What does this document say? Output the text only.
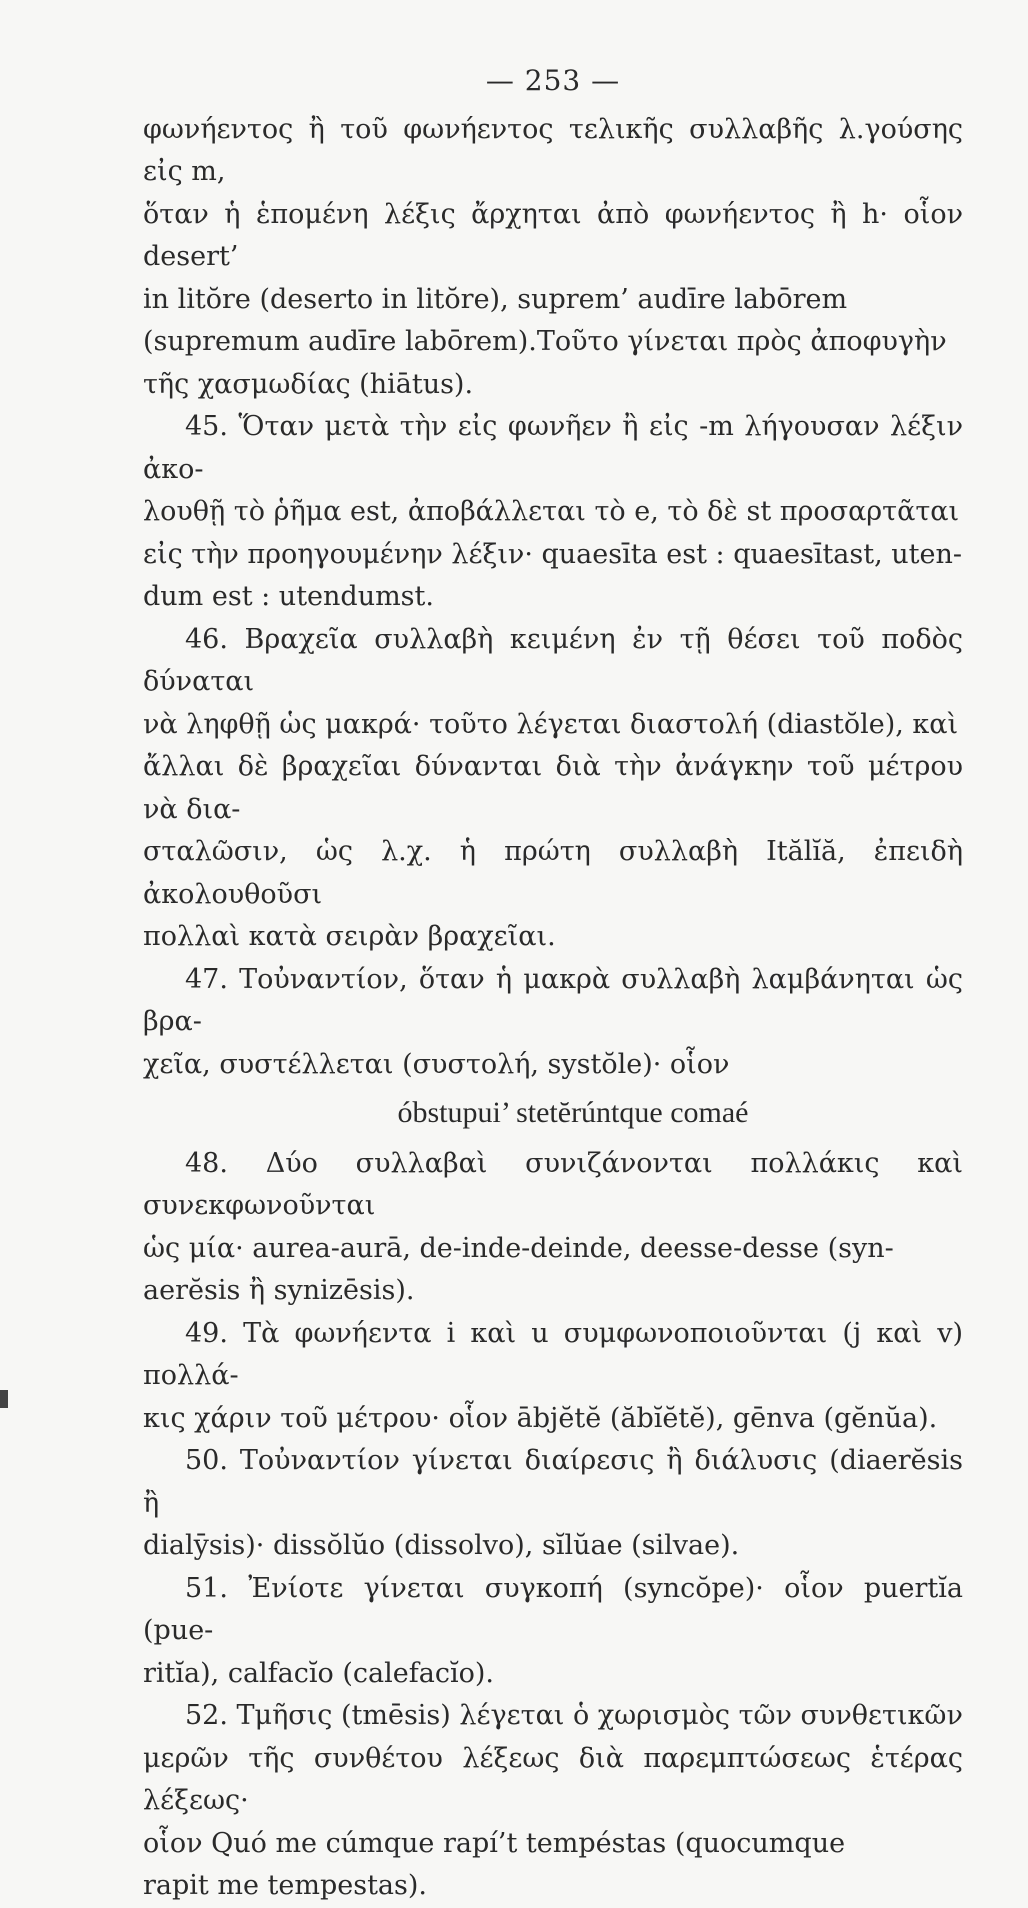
— 253 —

φωνήεντος ἢ τοῦ φωνήεντος τελικῆς συλλαβῆς λ.γούσης εἰς m,

ὅταν ἡ ἑπομένη λέξις ἄρχηται ἀπὸ φωνήεντος ἢ h· οἷον desert’

in litŏre (deserto in litŏre), suprem’ audīre labōrem

(supremum audīre labōrem).Τοῦτο γίνεται πρὸς ἀποφυγὴν

τῆς χασμωδίας (hiātus).

45. Ὅταν μετὰ τὴν εἰς φωνῆεν ἢ εἰς -m λήγουσαν λέξιν ἀκο-

λουθῇ τὸ ῥῆμα est, ἀποβάλλεται τὸ e, τὸ δὲ st προσαρτᾶται

εἰς τὴν προηγουμένην λέξιν· quaesīta est : quaesītast, uten-

dum est : utendumst.

46. Βραχεῖα συλλαβὴ κειμένη ἐν τῇ θέσει τοῦ ποδὸς δύναται

νὰ ληφθῇ ὡς μακρά· τοῦτο λέγεται διαστολή (diastŏle), καὶ

ἄλλαι δὲ βραχεῖαι δύνανται διὰ τὴν ἀνάγκην τοῦ μέτρου νὰ δια-

σταλῶσιν, ὡς λ.χ. ἡ πρώτη συλλαβὴ Itălĭă, ἐπειδὴ ἀκολουθοῦσι

πολλαὶ κατὰ σειρὰν βραχεῖαι.

47. Τοὐναντίον, ὅταν ἡ μακρὰ συλλαβὴ λαμβάνηται ὡς βρα-

χεῖα, συστέλλεται (συστολή, systŏle)· οἷον

óbstupui’ stetĕrúntque comaé

48. Δύο συλλαβαὶ συνιζάνονται πολλάκις καὶ συνεκφωνοῦνται

ὡς μία· aurea-aurā, de-inde-deinde, deesse-desse (syn-

aerĕsis ἢ synizēsis).

49. Τὰ φωνήεντα i καὶ u συμφωνοποιοῦνται (j καὶ v) πολλά-

κις χάριν τοῦ μέτρου· οἷον ābjĕtĕ (ăbĭĕtĕ), gēnva (gĕnŭa).

50. Τοὐναντίον γίνεται διαίρεσις ἢ διάλυσις (diaerĕsis ἢ

dialȳsis)· dissŏlŭo (dissolvo), sĭlŭae (silvae).

51. Ἐνίοτε γίνεται συγκοπή (syncŏpe)· οἷον puertĭa (pue-

ritĭa), calfacĭo (calefacĭo).

52. Τμῆσις (tmēsis) λέγεται ὁ χωρισμὸς τῶν συνθετικῶν

μερῶν τῆς συνθέτου λέξεως διὰ παρεμπτώσεως ἑτέρας λέξεως·

οἷον Quó me cúmque rapí’t tempéstas (quocumque

rapit me tempestas).
